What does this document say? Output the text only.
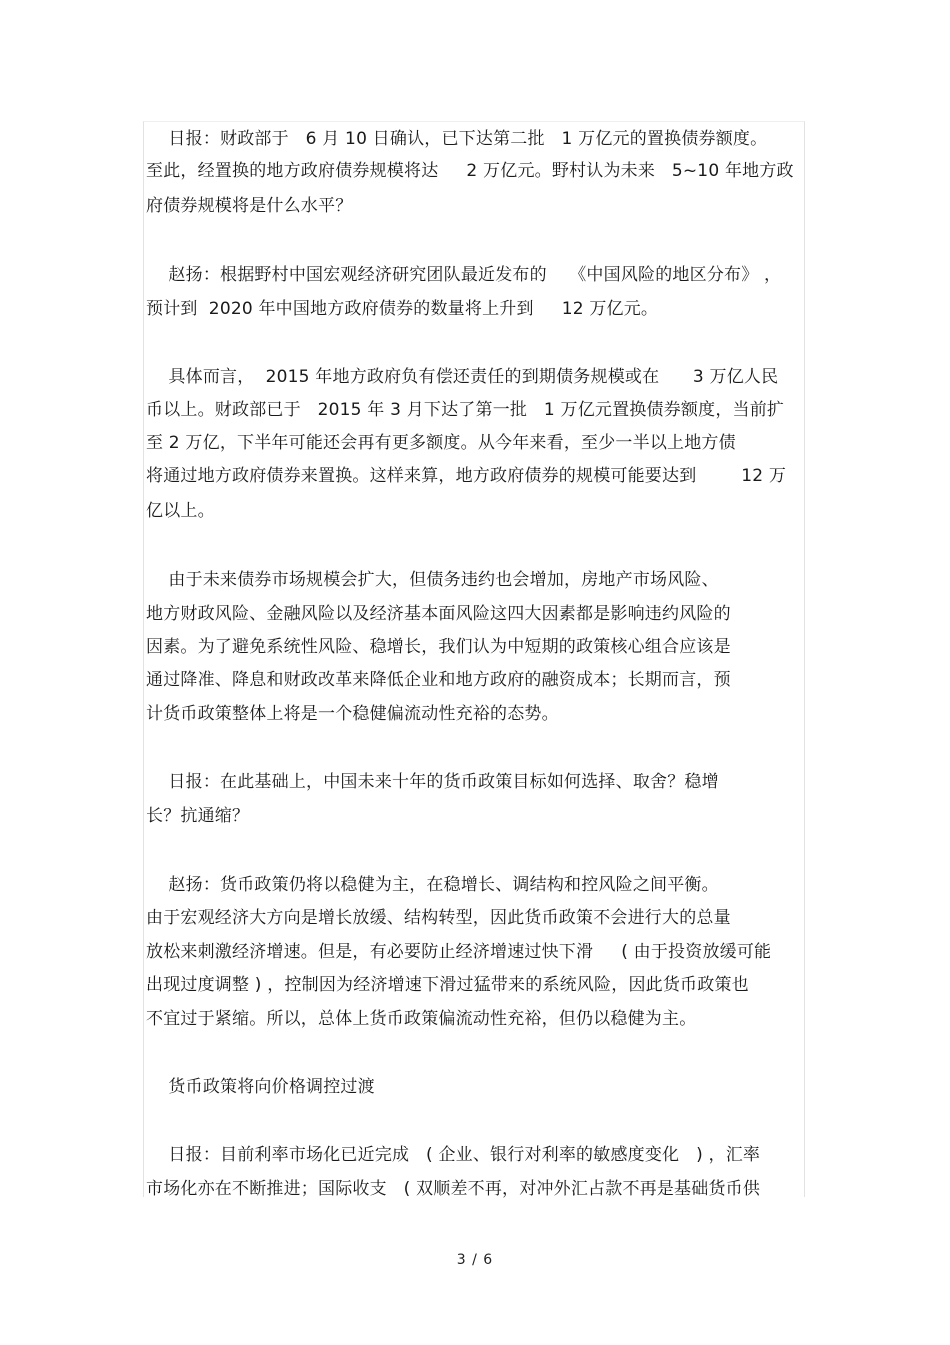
日报：财政部于   6 月 10 日确认，已下达第二批   1 万亿元的置换债券额度。
至此，经置换的地方政府债券规模将达     2 万亿元。野村认为未来   5~10 年地方政
府债券规模将是什么水平？
赵扬：根据野村中国宏观经济研究团队最近发布的    《中国风险的地区分布》 ，
预计到  2020 年中国地方政府债券的数量将上升到     12 万亿元。
具体而言，  2015 年地方政府负有偿还责任的到期债务规模或在      3 万亿人民
币以上。财政部已于   2015 年 3 月下达了第一批   1 万亿元置换债券额度，当前扩
至 2 万亿，下半年可能还会再有更多额度。从今年来看，至少一半以上地方债
将通过地方政府债券来置换。这样来算，地方政府债券的规模可能要达到        12 万
亿以上。
由于未来债券市场规模会扩大，但债务违约也会增加，房地产市场风险、
地方财政风险、金融风险以及经济基本面风险这四大因素都是影响违约风险的
因素。为了避免系统性风险、稳增长，我们认为中短期的政策核心组合应该是
通过降准、降息和财政改革来降低企业和地方政府的融资成本；长期而言，预
计货币政策整体上将是一个稳健偏流动性充裕的态势。
日报：在此基础上，中国未来十年的货币政策目标如何选择、取舍？稳增
长？抗通缩？
赵扬：货币政策仍将以稳健为主，在稳增长、调结构和控风险之间平衡。
由于宏观经济大方向是增长放缓、结构转型，因此货币政策不会进行大的总量
放松来刺激经济增速。但是，有必要防止经济增速过快下滑     ( 由于投资放缓可能
出现过度调整 ) ，控制因为经济增速下滑过猛带来的系统风险，因此货币政策也
不宜过于紧缩。所以，总体上货币政策偏流动性充裕，但仍以稳健为主。
货币政策将向价格调控过渡
日报：目前利率市场化已近完成   ( 企业、银行对利率的敏感度变化   ) ，汇率
市场化亦在不断推进；国际收支   ( 双顺差不再，对冲外汇占款不再是基础货币供
3 / 6
